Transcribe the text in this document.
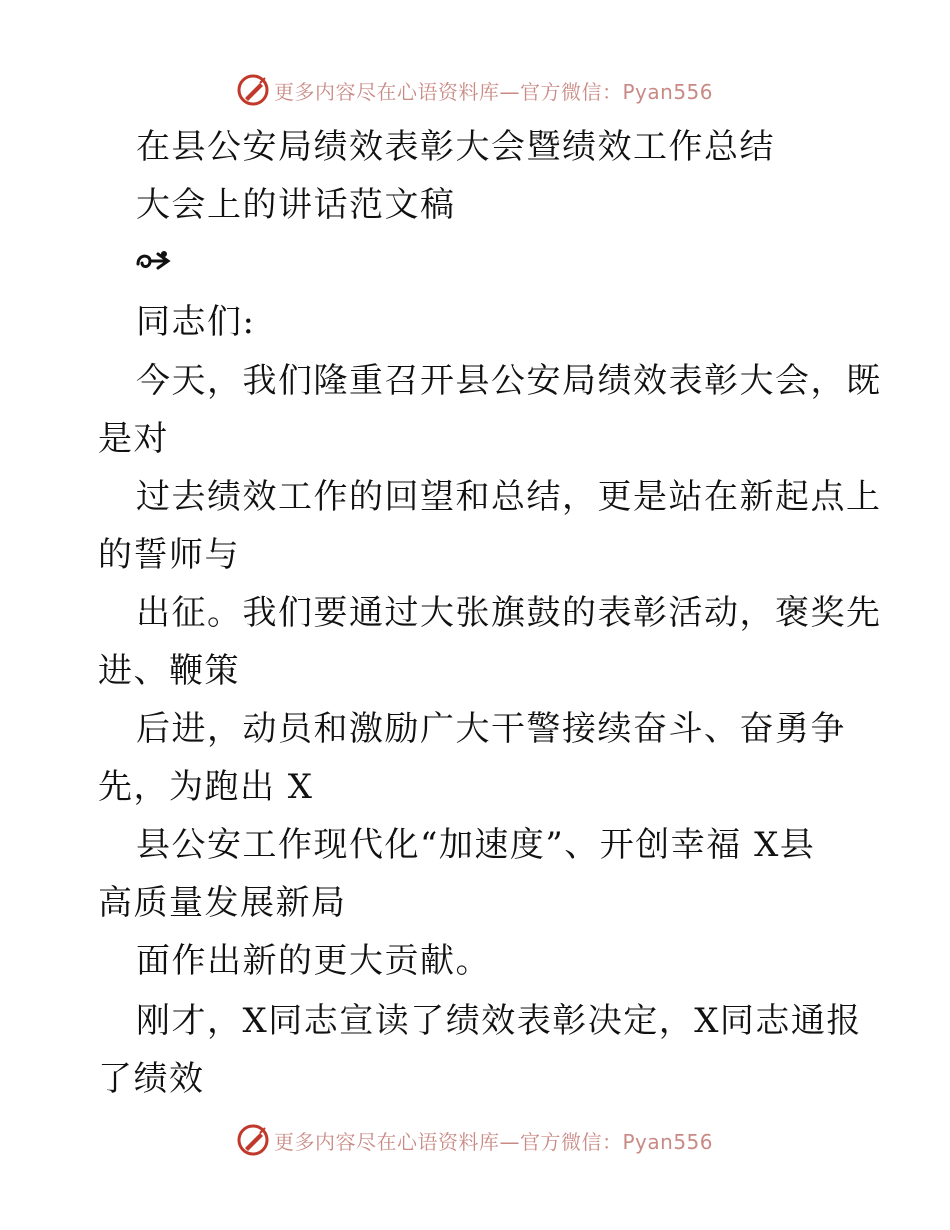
更多内容尽在心语资料库—官方微信：Pyan556
在县公安局绩效表彰大会暨绩效工作总结
大会上的讲话范文稿
同志们:
今天，我们隆重召开县公安局绩效表彰大会，既
是对
过去绩效工作的回望和总结，更是站在新起点上
的誓师与
出征。我们要通过大张旗鼓的表彰活动，褒奖先
进、鞭策
后进，动员和激励广大干警接续奋斗、奋勇争
先，为跑出 X
县公安工作现代化“加速度”、开创幸福 X县
高质量发展新局
面作出新的更大贡献。
刚才，X同志宣读了绩效表彰决定，X同志通报
了绩效
更多内容尽在心语资料库—官方微信：Pyan556
